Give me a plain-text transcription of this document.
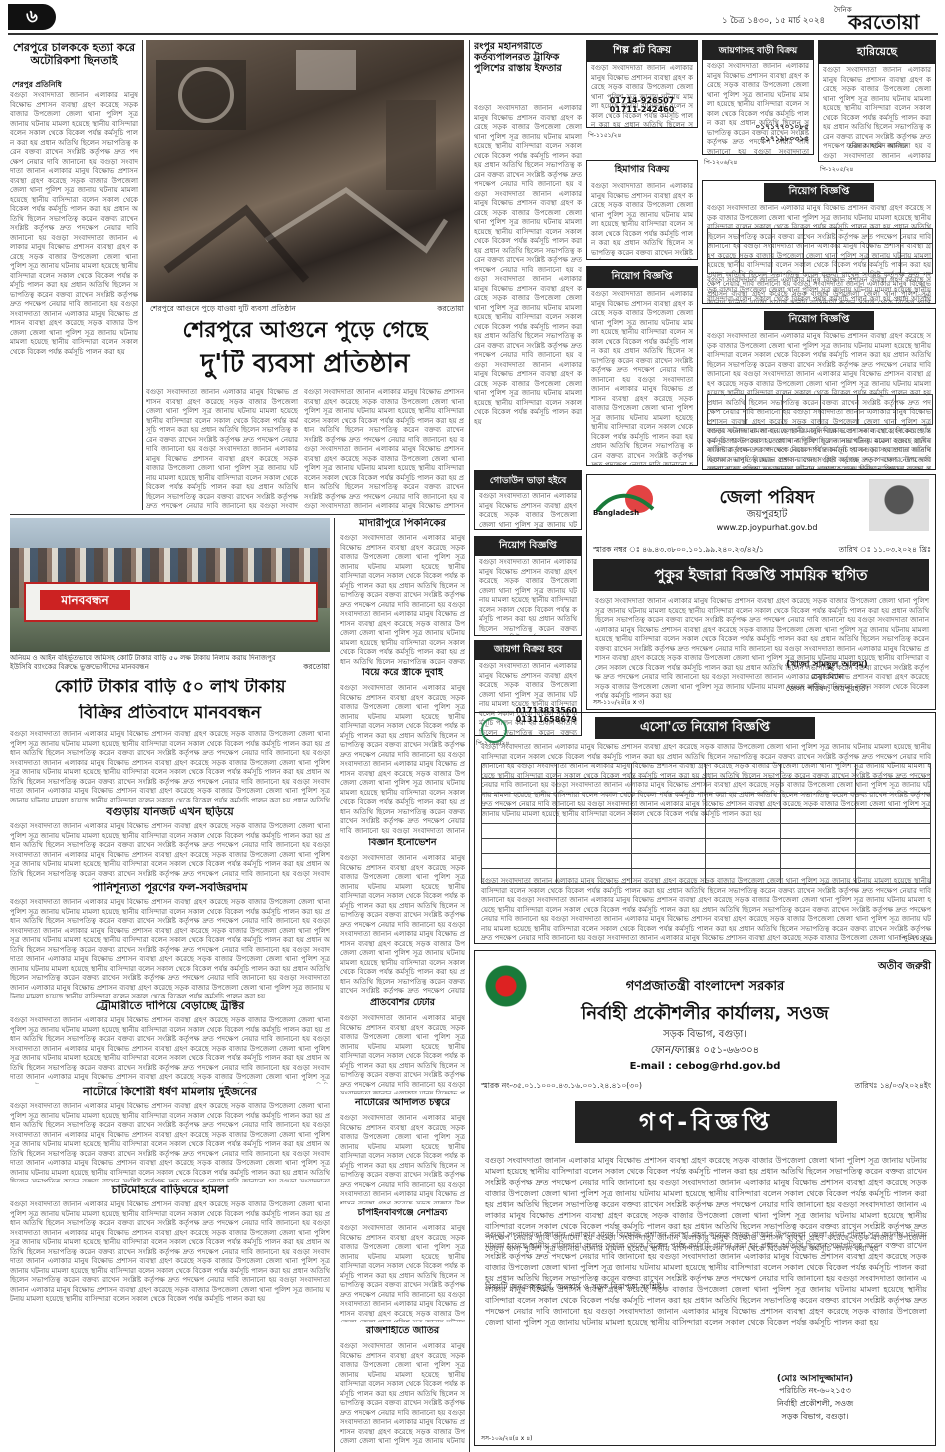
৬	১ চৈত্র ১৪৩০, ১৫ মার্চ ২০২৪
দৈনিক
করতোয়া
শেরপুরে চালককে হত্যা করে অটোরিকশা ছিনতাই
শেরপুর প্রতিনিধি
বগুড়া সংবাদদাতা জানান এলাকার মানুষ বিক্ষোভ প্রশাসন ব্যবস্থা গ্রহণ করেছে সড়ক বাজার উপজেলা জেলা থানা পুলিশ সূত্র জানায় ঘটনায় মামলা হয়েছে স্থানীয় বাসিন্দারা বলেন সকাল থেকে বিকেল পর্যন্ত কর্মসূচি পালন করা হয় প্রধান অতিথি ছিলেন সভাপতিত্ব করেন বক্তব্য রাখেন সংশ্লিষ্ট কর্তৃপক্ষ দ্রুত পদক্ষেপ নেয়ার দাবি জানানো হয় বগুড়া সংবাদদাতা জানান এলাকার মানুষ বিক্ষোভ প্রশাসন ব্যবস্থা গ্রহণ করেছে সড়ক বাজার উপজেলা জেলা থানা পুলিশ সূত্র জানায় ঘটনায় মামলা হয়েছে স্থানীয় বাসিন্দারা বলেন সকাল থেকে বিকেল পর্যন্ত কর্মসূচি পালন করা হয় প্রধান অতিথি ছিলেন সভাপতিত্ব করেন বক্তব্য রাখেন সংশ্লিষ্ট কর্তৃপক্ষ দ্রুত পদক্ষেপ নেয়ার দাবি জানানো হয় বগুড়া সংবাদদাতা জানান এলাকার মানুষ বিক্ষোভ প্রশাসন ব্যবস্থা গ্রহণ করেছে সড়ক বাজার উপজেলা জেলা থানা পুলিশ সূত্র জানায় ঘটনায় মামলা হয়েছে স্থানীয় বাসিন্দারা বলেন সকাল থেকে বিকেল পর্যন্ত কর্মসূচি পালন করা হয় প্রধান অতিথি ছিলেন সভাপতিত্ব করেন বক্তব্য রাখেন সংশ্লিষ্ট কর্তৃপক্ষ দ্রুত পদক্ষেপ নেয়ার দাবি জানানো হয় বগুড়া সংবাদদাতা জানান এলাকার মানুষ বিক্ষোভ প্রশাসন ব্যবস্থা গ্রহণ করেছে সড়ক বাজার উপজেলা জেলা থানা পুলিশ সূত্র জানায় ঘটনায় মামলা হয়েছে স্থানীয় বাসিন্দারা বলেন সকাল থেকে বিকেল পর্যন্ত কর্মসূচি পালন করা হয়
শেরপুরে আগুনে পুড়ে যাওয়া দুটি ব্যবসা প্রতিষ্ঠান	করতোয়া
শেরপুরে আগুনে পুড়ে গেছে
দু'টি ব্যবসা প্রতিষ্ঠান
বগুড়া সংবাদদাতা জানান এলাকার মানুষ বিক্ষোভ প্রশাসন ব্যবস্থা গ্রহণ করেছে সড়ক বাজার উপজেলা জেলা থানা পুলিশ সূত্র জানায় ঘটনায় মামলা হয়েছে স্থানীয় বাসিন্দারা বলেন সকাল থেকে বিকেল পর্যন্ত কর্মসূচি পালন করা হয় প্রধান অতিথি ছিলেন সভাপতিত্ব করেন বক্তব্য রাখেন সংশ্লিষ্ট কর্তৃপক্ষ দ্রুত পদক্ষেপ নেয়ার দাবি জানানো হয় বগুড়া সংবাদদাতা জানান এলাকার মানুষ বিক্ষোভ প্রশাসন ব্যবস্থা গ্রহণ করেছে সড়ক বাজার উপজেলা জেলা থানা পুলিশ সূত্র জানায় ঘটনায় মামলা হয়েছে স্থানীয় বাসিন্দারা বলেন সকাল থেকে বিকেল পর্যন্ত কর্মসূচি পালন করা হয় প্রধান অতিথি ছিলেন সভাপতিত্ব করেন বক্তব্য রাখেন সংশ্লিষ্ট কর্তৃপক্ষ দ্রুত পদক্ষেপ নেয়ার দাবি জানানো হয় বগুড়া সংবাদদাতা জানান এলাকার মানুষ বিক্ষোভ প্রশাসন ব্যবস্থা গ্রহণ করেছে সড়ক বাজার উপজেলা জেলা থানা পুলিশ সূত্র জানায় ঘটনায় মামলা হয়েছে স্থানীয় বাসিন্দারা বলেন সকাল থেকে বিকেল পর্যন্ত কর্মসূচি পালন করা হয় প্রধান অতিথি ছিলেন সভাপতিত্ব করেন বক্তব্য রাখেন সংশ্লিষ্ট কর্তৃপক্ষ দ্রুত পদক্ষেপ নেয়ার দাবি জানানো হয় বগুড়া সংবাদদাতা জানান এলাকার মানুষ বিক্ষোভ প্রশাসন ব্যবস্থা গ্রহণ করেছে সড়ক বাজার উপজেলা জেলা থানা পুলিশ সূত্র জানায় ঘটনায় মামলা হয়েছে স্থানীয় বাসিন্দারা বলেন সকাল থেকে বিকেল পর্যন্ত কর্মসূচি পালন করা হয়
বগুড়া সংবাদদাতা জানান এলাকার মানুষ বিক্ষোভ প্রশাসন ব্যবস্থা গ্রহণ করেছে সড়ক বাজার উপজেলা জেলা থানা পুলিশ সূত্র জানায় ঘটনায় মামলা হয়েছে স্থানীয় বাসিন্দারা বলেন সকাল থেকে বিকেল পর্যন্ত কর্মসূচি পালন করা হয় প্রধান অতিথি ছিলেন সভাপতিত্ব করেন বক্তব্য রাখেন সংশ্লিষ্ট কর্তৃপক্ষ দ্রুত পদক্ষেপ নেয়ার দাবি জানানো হয় বগুড়া সংবাদদাতা জানান এলাকার মানুষ বিক্ষোভ প্রশাসন ব্যবস্থা গ্রহণ করেছে সড়ক বাজার উপজেলা জেলা থানা পুলিশ সূত্র জানায় ঘটনায় মামলা হয়েছে স্থানীয় বাসিন্দারা বলেন সকাল থেকে বিকেল পর্যন্ত কর্মসূচি পালন করা হয় প্রধান অতিথি ছিলেন সভাপতিত্ব করেন বক্তব্য রাখেন সংশ্লিষ্ট কর্তৃপক্ষ দ্রুত পদক্ষেপ নেয়ার দাবি জানানো হয় বগুড়া সংবাদদাতা জানান এলাকার মানুষ বিক্ষোভ প্রশাসন ব্যবস্থা গ্রহণ করেছে সড়ক বাজার উপজেলা জেলা থানা পুলিশ সূত্র জানায় ঘটনায় মামলা হয়েছে স্থানীয় বাসিন্দারা বলেন সকাল থেকে বিকেল পর্যন্ত কর্মসূচি পালন করা হয় প্রধান অতিথি ছিলেন সভাপতিত্ব করেন বক্তব্য রাখেন সংশ্লিষ্ট কর্তৃপক্ষ দ্রুত পদক্ষেপ নেয়ার দাবি জানানো হয় বগুড়া সংবাদদাতা জানান এলাকার মানুষ বিক্ষোভ প্রশাসন ব্যবস্থা গ্রহণ করেছে সড়ক বাজার উপজেলা জেলা থানা পুলিশ সূত্র জানায় ঘটনায় মামলা হয়েছে স্থানীয় বাসিন্দারা বলেন সকাল থেকে বিকেল পর্যন্ত কর্মসূচি পালন করা হয়
রংপুর মহানগরীতে কর্তব্যপালনরত ট্রাফিক পুলিশের রাস্তায় ইফতার
বগুড়া সংবাদদাতা জানান এলাকার মানুষ বিক্ষোভ প্রশাসন ব্যবস্থা গ্রহণ করেছে সড়ক বাজার উপজেলা জেলা থানা পুলিশ সূত্র জানায় ঘটনায় মামলা হয়েছে স্থানীয় বাসিন্দারা বলেন সকাল থেকে বিকেল পর্যন্ত কর্মসূচি পালন করা হয় প্রধান অতিথি ছিলেন সভাপতিত্ব করেন বক্তব্য রাখেন সংশ্লিষ্ট কর্তৃপক্ষ দ্রুত পদক্ষেপ নেয়ার দাবি জানানো হয় বগুড়া সংবাদদাতা জানান এলাকার মানুষ বিক্ষোভ প্রশাসন ব্যবস্থা গ্রহণ করেছে সড়ক বাজার উপজেলা জেলা থানা পুলিশ সূত্র জানায় ঘটনায় মামলা হয়েছে স্থানীয় বাসিন্দারা বলেন সকাল থেকে বিকেল পর্যন্ত কর্মসূচি পালন করা হয় প্রধান অতিথি ছিলেন সভাপতিত্ব করেন বক্তব্য রাখেন সংশ্লিষ্ট কর্তৃপক্ষ দ্রুত পদক্ষেপ নেয়ার দাবি জানানো হয় বগুড়া সংবাদদাতা জানান এলাকার মানুষ বিক্ষোভ প্রশাসন ব্যবস্থা গ্রহণ করেছে সড়ক বাজার উপজেলা জেলা থানা পুলিশ সূত্র জানায় ঘটনায় মামলা হয়েছে স্থানীয় বাসিন্দারা বলেন সকাল থেকে বিকেল পর্যন্ত কর্মসূচি পালন করা হয় প্রধান অতিথি ছিলেন সভাপতিত্ব করেন বক্তব্য রাখেন সংশ্লিষ্ট কর্তৃপক্ষ দ্রুত পদক্ষেপ নেয়ার দাবি জানানো হয় বগুড়া সংবাদদাতা জানান এলাকার মানুষ বিক্ষোভ প্রশাসন ব্যবস্থা গ্রহণ করেছে সড়ক বাজার উপজেলা জেলা থানা পুলিশ সূত্র জানায় ঘটনায় মামলা হয়েছে স্থানীয় বাসিন্দারা বলেন সকাল থেকে বিকেল পর্যন্ত কর্মসূচি পালন করা হয়
মানববন্ধন
অনিয়ম ও আইন বহির্ভূতভাবে জমিসহ কোটি টাকার বাড়ি ৫০ লক্ষ টাকায় নিলাম করায় দিনাজপুর ইউসিবি ব্যাংকের বিরুদ্ধে ভুক্তভোগীদের মানববন্ধন	করতোয়া
কোটি টাকার বাড়ি ৫০ লাখ টাকায়
বিক্রির প্রতিবাদে মানববন্ধন
বগুড়া সংবাদদাতা জানান এলাকার মানুষ বিক্ষোভ প্রশাসন ব্যবস্থা গ্রহণ করেছে সড়ক বাজার উপজেলা জেলা থানা পুলিশ সূত্র জানায় ঘটনায় মামলা হয়েছে স্থানীয় বাসিন্দারা বলেন সকাল থেকে বিকেল পর্যন্ত কর্মসূচি পালন করা হয় প্রধান অতিথি ছিলেন সভাপতিত্ব করেন বক্তব্য রাখেন সংশ্লিষ্ট কর্তৃপক্ষ দ্রুত পদক্ষেপ নেয়ার দাবি জানানো হয় বগুড়া সংবাদদাতা জানান এলাকার মানুষ বিক্ষোভ প্রশাসন ব্যবস্থা গ্রহণ করেছে সড়ক বাজার উপজেলা জেলা থানা পুলিশ সূত্র জানায় ঘটনায় মামলা হয়েছে স্থানীয় বাসিন্দারা বলেন সকাল থেকে বিকেল পর্যন্ত কর্মসূচি পালন করা হয় প্রধান অতিথি ছিলেন সভাপতিত্ব করেন বক্তব্য রাখেন সংশ্লিষ্ট কর্তৃপক্ষ দ্রুত পদক্ষেপ নেয়ার দাবি জানানো হয় বগুড়া সংবাদদাতা জানান এলাকার মানুষ বিক্ষোভ প্রশাসন ব্যবস্থা গ্রহণ করেছে সড়ক বাজার উপজেলা জেলা থানা পুলিশ সূত্র জানায় ঘটনায় মামলা হয়েছে স্থানীয় বাসিন্দারা বলেন সকাল থেকে বিকেল পর্যন্ত কর্মসূচি পালন করা হয় প্রধান অতিথি ছিলেন সভাপতিত্ব করেন বক্তব্য রাখেন সংশ্লিষ্ট কর্তৃপক্ষ দ্রুত পদক্ষেপ নেয়ার দাবি জানানো হয় বগুড়া সংবাদদাতা জানান এলাকার মানুষ বিক্ষোভ প্রশাসন ব্যবস্থা গ্রহণ করেছে সড়ক বাজার উপজেলা জেলা থানা পুলিশ সূত্র জানায় ঘটনায় মামলা হয়েছে স্থানীয় বাসিন্দারা বলেন সকাল থেকে বিকেল পর্যন্ত কর্মসূচি পালন করা হয়
বগুড়ায় যানজট এখন ছড়িয়ে
বগুড়া সংবাদদাতা জানান এলাকার মানুষ বিক্ষোভ প্রশাসন ব্যবস্থা গ্রহণ করেছে সড়ক বাজার উপজেলা জেলা থানা পুলিশ সূত্র জানায় ঘটনায় মামলা হয়েছে স্থানীয় বাসিন্দারা বলেন সকাল থেকে বিকেল পর্যন্ত কর্মসূচি পালন করা হয় প্রধান অতিথি ছিলেন সভাপতিত্ব করেন বক্তব্য রাখেন সংশ্লিষ্ট কর্তৃপক্ষ দ্রুত পদক্ষেপ নেয়ার দাবি জানানো হয় বগুড়া সংবাদদাতা জানান এলাকার মানুষ বিক্ষোভ প্রশাসন ব্যবস্থা গ্রহণ করেছে সড়ক বাজার উপজেলা জেলা থানা পুলিশ সূত্র জানায় ঘটনায় মামলা হয়েছে স্থানীয় বাসিন্দারা বলেন সকাল থেকে বিকেল পর্যন্ত কর্মসূচি পালন করা হয় প্রধান অতিথি ছিলেন সভাপতিত্ব করেন বক্তব্য রাখেন সংশ্লিষ্ট কর্তৃপক্ষ দ্রুত পদক্ষেপ নেয়ার দাবি জানানো হয় বগুড়া সংবাদদাতা জানান এলাকার মানুষ বিক্ষোভ প্রশাসন ব্যবস্থা গ্রহণ করেছে সড়ক বাজার উপজেলা জেলা থানা পুলিশ সূত্র জানায় ঘটনায় মামলা হয়েছে স্থানীয় বাসিন্দারা বলেন সকাল থেকে বিকেল পর্যন্ত কর্মসূচি পালন করা হয় প্রধান অতিথি ছিলেন সভাপতিত্ব করেন বক্তব্য রাখেন সংশ্লিষ্ট কর্তৃপক্ষ দ্রুত পদক্ষেপ নেয়ার দাবি জানানো হয় বগুড়া সংবাদদাতা জানান এলাকার মানুষ বিক্ষোভ প্রশাসন ব্যবস্থা গ্রহণ করেছে সড়ক বাজার উপজেলা জেলা থানা পুলিশ সূত্র জানায় ঘটনায় মামলা হয়েছে স্থানীয় বাসিন্দারা বলেন সকাল থেকে বিকেল পর্যন্ত কর্মসূচি পালন করা হয়
পানিশূন্যতা পূরণের ফল-সবজিরদাম
বগুড়া সংবাদদাতা জানান এলাকার মানুষ বিক্ষোভ প্রশাসন ব্যবস্থা গ্রহণ করেছে সড়ক বাজার উপজেলা জেলা থানা পুলিশ সূত্র জানায় ঘটনায় মামলা হয়েছে স্থানীয় বাসিন্দারা বলেন সকাল থেকে বিকেল পর্যন্ত কর্মসূচি পালন করা হয় প্রধান অতিথি ছিলেন সভাপতিত্ব করেন বক্তব্য রাখেন সংশ্লিষ্ট কর্তৃপক্ষ দ্রুত পদক্ষেপ নেয়ার দাবি জানানো হয় বগুড়া সংবাদদাতা জানান এলাকার মানুষ বিক্ষোভ প্রশাসন ব্যবস্থা গ্রহণ করেছে সড়ক বাজার উপজেলা জেলা থানা পুলিশ সূত্র জানায় ঘটনায় মামলা হয়েছে স্থানীয় বাসিন্দারা বলেন সকাল থেকে বিকেল পর্যন্ত কর্মসূচি পালন করা হয় প্রধান অতিথি ছিলেন সভাপতিত্ব করেন বক্তব্য রাখেন সংশ্লিষ্ট কর্তৃপক্ষ দ্রুত পদক্ষেপ নেয়ার দাবি জানানো হয় বগুড়া সংবাদদাতা জানান এলাকার মানুষ বিক্ষোভ প্রশাসন ব্যবস্থা গ্রহণ করেছে সড়ক বাজার উপজেলা জেলা থানা পুলিশ সূত্র জানায় ঘটনায় মামলা হয়েছে স্থানীয় বাসিন্দারা বলেন সকাল থেকে বিকেল পর্যন্ত কর্মসূচি পালন করা হয় প্রধান অতিথি ছিলেন সভাপতিত্ব করেন বক্তব্য রাখেন সংশ্লিষ্ট কর্তৃপক্ষ দ্রুত পদক্ষেপ নেয়ার দাবি জানানো হয় বগুড়া সংবাদদাতা জানান এলাকার মানুষ বিক্ষোভ প্রশাসন ব্যবস্থা গ্রহণ করেছে সড়ক বাজার উপজেলা জেলা থানা পুলিশ সূত্র জানায় ঘটনায় মামলা হয়েছে স্থানীয় বাসিন্দারা বলেন সকাল থেকে বিকেল পর্যন্ত কর্মসূচি পালন করা হয়
ট্রৌমারীতে দাপিয়ে বেড়াচ্ছে ট্রাক্টর
বগুড়া সংবাদদাতা জানান এলাকার মানুষ বিক্ষোভ প্রশাসন ব্যবস্থা গ্রহণ করেছে সড়ক বাজার উপজেলা জেলা থানা পুলিশ সূত্র জানায় ঘটনায় মামলা হয়েছে স্থানীয় বাসিন্দারা বলেন সকাল থেকে বিকেল পর্যন্ত কর্মসূচি পালন করা হয় প্রধান অতিথি ছিলেন সভাপতিত্ব করেন বক্তব্য রাখেন সংশ্লিষ্ট কর্তৃপক্ষ দ্রুত পদক্ষেপ নেয়ার দাবি জানানো হয় বগুড়া সংবাদদাতা জানান এলাকার মানুষ বিক্ষোভ প্রশাসন ব্যবস্থা গ্রহণ করেছে সড়ক বাজার উপজেলা জেলা থানা পুলিশ সূত্র জানায় ঘটনায় মামলা হয়েছে স্থানীয় বাসিন্দারা বলেন সকাল থেকে বিকেল পর্যন্ত কর্মসূচি পালন করা হয় প্রধান অতিথি ছিলেন সভাপতিত্ব করেন বক্তব্য রাখেন সংশ্লিষ্ট কর্তৃপক্ষ দ্রুত পদক্ষেপ নেয়ার দাবি জানানো হয় বগুড়া সংবাদদাতা জানান এলাকার মানুষ বিক্ষোভ প্রশাসন ব্যবস্থা গ্রহণ করেছে সড়ক বাজার উপজেলা জেলা থানা পুলিশ সূত্র জানায় ঘটনায় মামলা হয়েছে স্থানীয় বাসিন্দারা বলেন সকাল থেকে বিকেল পর্যন্ত কর্মসূচি পালন করা হয় প্রধান অতিথি ছিলেন সভাপতিত্ব করেন বক্তব্য রাখেন সংশ্লিষ্ট কর্তৃপক্ষ দ্রুত পদক্ষেপ নেয়ার দাবি জানানো হয় বগুড়া সংবাদদাতা জানান এলাকার মানুষ বিক্ষোভ প্রশাসন ব্যবস্থা গ্রহণ করেছে সড়ক বাজার উপজেলা জেলা থানা পুলিশ সূত্র জানায় ঘটনায় মামলা হয়েছে স্থানীয় বাসিন্দারা বলেন সকাল থেকে বিকেল পর্যন্ত কর্মসূচি পালন করা হয়
নাটোরে কিশোরী ধর্ষণ মামলায় দুইজনের
বগুড়া সংবাদদাতা জানান এলাকার মানুষ বিক্ষোভ প্রশাসন ব্যবস্থা গ্রহণ করেছে সড়ক বাজার উপজেলা জেলা থানা পুলিশ সূত্র জানায় ঘটনায় মামলা হয়েছে স্থানীয় বাসিন্দারা বলেন সকাল থেকে বিকেল পর্যন্ত কর্মসূচি পালন করা হয় প্রধান অতিথি ছিলেন সভাপতিত্ব করেন বক্তব্য রাখেন সংশ্লিষ্ট কর্তৃপক্ষ দ্রুত পদক্ষেপ নেয়ার দাবি জানানো হয় বগুড়া সংবাদদাতা জানান এলাকার মানুষ বিক্ষোভ প্রশাসন ব্যবস্থা গ্রহণ করেছে সড়ক বাজার উপজেলা জেলা থানা পুলিশ সূত্র জানায় ঘটনায় মামলা হয়েছে স্থানীয় বাসিন্দারা বলেন সকাল থেকে বিকেল পর্যন্ত কর্মসূচি পালন করা হয় প্রধান অতিথি ছিলেন সভাপতিত্ব করেন বক্তব্য রাখেন সংশ্লিষ্ট কর্তৃপক্ষ দ্রুত পদক্ষেপ নেয়ার দাবি জানানো হয় বগুড়া সংবাদদাতা জানান এলাকার মানুষ বিক্ষোভ প্রশাসন ব্যবস্থা গ্রহণ করেছে সড়ক বাজার উপজেলা জেলা থানা পুলিশ সূত্র জানায় ঘটনায় মামলা হয়েছে স্থানীয় বাসিন্দারা বলেন সকাল থেকে বিকেল পর্যন্ত কর্মসূচি পালন করা হয় প্রধান অতিথি ছিলেন সভাপতিত্ব করেন বক্তব্য রাখেন সংশ্লিষ্ট কর্তৃপক্ষ দ্রুত পদক্ষেপ নেয়ার দাবি জানানো হয় বগুড়া সংবাদদাতা জানান এলাকার মানুষ বিক্ষোভ প্রশাসন ব্যবস্থা গ্রহণ করেছে সড়ক বাজার উপজেলা জেলা থানা পুলিশ সূত্র জানায় ঘটনায় মামলা হয়েছে স্থানীয় বাসিন্দারা বলেন সকাল থেকে বিকেল পর্যন্ত কর্মসূচি পালন করা হয়
চাটমোহরে বাড়িঘরে হামলা
বগুড়া সংবাদদাতা জানান এলাকার মানুষ বিক্ষোভ প্রশাসন ব্যবস্থা গ্রহণ করেছে সড়ক বাজার উপজেলা জেলা থানা পুলিশ সূত্র জানায় ঘটনায় মামলা হয়েছে স্থানীয় বাসিন্দারা বলেন সকাল থেকে বিকেল পর্যন্ত কর্মসূচি পালন করা হয় প্রধান অতিথি ছিলেন সভাপতিত্ব করেন বক্তব্য রাখেন সংশ্লিষ্ট কর্তৃপক্ষ দ্রুত পদক্ষেপ নেয়ার দাবি জানানো হয় বগুড়া সংবাদদাতা জানান এলাকার মানুষ বিক্ষোভ প্রশাসন ব্যবস্থা গ্রহণ করেছে সড়ক বাজার উপজেলা জেলা থানা পুলিশ সূত্র জানায় ঘটনায় মামলা হয়েছে স্থানীয় বাসিন্দারা বলেন সকাল থেকে বিকেল পর্যন্ত কর্মসূচি পালন করা হয় প্রধান অতিথি ছিলেন সভাপতিত্ব করেন বক্তব্য রাখেন সংশ্লিষ্ট কর্তৃপক্ষ দ্রুত পদক্ষেপ নেয়ার দাবি জানানো হয় বগুড়া সংবাদদাতা জানান এলাকার মানুষ বিক্ষোভ প্রশাসন ব্যবস্থা গ্রহণ করেছে সড়ক বাজার উপজেলা জেলা থানা পুলিশ সূত্র জানায় ঘটনায় মামলা হয়েছে স্থানীয় বাসিন্দারা বলেন সকাল থেকে বিকেল পর্যন্ত কর্মসূচি পালন করা হয় প্রধান অতিথি ছিলেন সভাপতিত্ব করেন বক্তব্য রাখেন সংশ্লিষ্ট কর্তৃপক্ষ দ্রুত পদক্ষেপ নেয়ার দাবি জানানো হয় বগুড়া সংবাদদাতা জানান এলাকার মানুষ বিক্ষোভ প্রশাসন ব্যবস্থা গ্রহণ করেছে সড়ক বাজার উপজেলা জেলা থানা পুলিশ সূত্র জানায় ঘটনায় মামলা হয়েছে স্থানীয় বাসিন্দারা বলেন সকাল থেকে বিকেল পর্যন্ত কর্মসূচি পালন করা হয়
মাদারীপুরে পিকনিকের
বগুড়া সংবাদদাতা জানান এলাকার মানুষ বিক্ষোভ প্রশাসন ব্যবস্থা গ্রহণ করেছে সড়ক বাজার উপজেলা জেলা থানা পুলিশ সূত্র জানায় ঘটনায় মামলা হয়েছে স্থানীয় বাসিন্দারা বলেন সকাল থেকে বিকেল পর্যন্ত কর্মসূচি পালন করা হয় প্রধান অতিথি ছিলেন সভাপতিত্ব করেন বক্তব্য রাখেন সংশ্লিষ্ট কর্তৃপক্ষ দ্রুত পদক্ষেপ নেয়ার দাবি জানানো হয় বগুড়া সংবাদদাতা জানান এলাকার মানুষ বিক্ষোভ প্রশাসন ব্যবস্থা গ্রহণ করেছে সড়ক বাজার উপজেলা জেলা থানা পুলিশ সূত্র জানায় ঘটনায় মামলা হয়েছে স্থানীয় বাসিন্দারা বলেন সকাল থেকে বিকেল পর্যন্ত কর্মসূচি পালন করা হয় প্রধান অতিথি ছিলেন সভাপতিত্ব করেন বক্তব্য রাখেন সংশ্লিষ্ট কর্তৃপক্ষ দ্রুত পদক্ষেপ নেয়ার দাবি জানানো হয় বগুড়া সংবাদদাতা জানান এলাকার মানুষ বিক্ষোভ প্রশাসন ব্যবস্থা গ্রহণ করেছে সড়ক বাজার উপজেলা জেলা থানা পুলিশ সূত্র জানায় ঘটনায় মামলা হয়েছে স্থানীয় বাসিন্দারা বলেন সকাল থেকে বিকেল পর্যন্ত কর্মসূচি পালন করা হয় প্রধান অতিথি ছিলেন সভাপতিত্ব করেন বক্তব্য রাখেন সংশ্লিষ্ট কর্তৃপক্ষ দ্রুত পদক্ষেপ নেয়ার দাবি জানানো হয় বগুড়া সংবাদদাতা জানান এলাকার মানুষ বিক্ষোভ প্রশাসন ব্যবস্থা গ্রহণ করেছে সড়ক বাজার উপজেলা জেলা থানা পুলিশ সূত্র জানায় ঘটনায় মামলা হয়েছে স্থানীয় বাসিন্দারা বলেন সকাল থেকে বিকেল পর্যন্ত কর্মসূচি পালন করা হয়
বিয়ে করে স্ত্রীকে দুবাই
বগুড়া সংবাদদাতা জানান এলাকার মানুষ বিক্ষোভ প্রশাসন ব্যবস্থা গ্রহণ করেছে সড়ক বাজার উপজেলা জেলা থানা পুলিশ সূত্র জানায় ঘটনায় মামলা হয়েছে স্থানীয় বাসিন্দারা বলেন সকাল থেকে বিকেল পর্যন্ত কর্মসূচি পালন করা হয় প্রধান অতিথি ছিলেন সভাপতিত্ব করেন বক্তব্য রাখেন সংশ্লিষ্ট কর্তৃপক্ষ দ্রুত পদক্ষেপ নেয়ার দাবি জানানো হয় বগুড়া সংবাদদাতা জানান এলাকার মানুষ বিক্ষোভ প্রশাসন ব্যবস্থা গ্রহণ করেছে সড়ক বাজার উপজেলা জেলা থানা পুলিশ সূত্র জানায় ঘটনায় মামলা হয়েছে স্থানীয় বাসিন্দারা বলেন সকাল থেকে বিকেল পর্যন্ত কর্মসূচি পালন করা হয় প্রধান অতিথি ছিলেন সভাপতিত্ব করেন বক্তব্য রাখেন সংশ্লিষ্ট কর্তৃপক্ষ দ্রুত পদক্ষেপ নেয়ার দাবি জানানো হয় বগুড়া সংবাদদাতা জানান এলাকার মানুষ বিক্ষোভ প্রশাসন ব্যবস্থা গ্রহণ করেছে সড়ক বাজার উপজেলা জেলা থানা পুলিশ সূত্র জানায় ঘটনায় মামলা হয়েছে স্থানীয় বাসিন্দারা বলেন সকাল থেকে বিকেল পর্যন্ত কর্মসূচি পালন করা হয় প্রধান অতিথি ছিলেন সভাপতিত্ব করেন বক্তব্য রাখেন সংশ্লিষ্ট কর্তৃপক্ষ দ্রুত পদক্ষেপ নেয়ার দাবি জানানো হয় বগুড়া সংবাদদাতা জানান এলাকার মানুষ বিক্ষোভ প্রশাসন ব্যবস্থা গ্রহণ করেছে সড়ক বাজার উপজেলা জেলা থানা পুলিশ সূত্র জানায় ঘটনায় মামলা হয়েছে স্থানীয় বাসিন্দারা বলেন সকাল থেকে বিকেল পর্যন্ত কর্মসূচি পালন করা হয়
বিজ্ঞান ইনোভেশন
বগুড়া সংবাদদাতা জানান এলাকার মানুষ বিক্ষোভ প্রশাসন ব্যবস্থা গ্রহণ করেছে সড়ক বাজার উপজেলা জেলা থানা পুলিশ সূত্র জানায় ঘটনায় মামলা হয়েছে স্থানীয় বাসিন্দারা বলেন সকাল থেকে বিকেল পর্যন্ত কর্মসূচি পালন করা হয় প্রধান অতিথি ছিলেন সভাপতিত্ব করেন বক্তব্য রাখেন সংশ্লিষ্ট কর্তৃপক্ষ দ্রুত পদক্ষেপ নেয়ার দাবি জানানো হয় বগুড়া সংবাদদাতা জানান এলাকার মানুষ বিক্ষোভ প্রশাসন ব্যবস্থা গ্রহণ করেছে সড়ক বাজার উপজেলা জেলা থানা পুলিশ সূত্র জানায় ঘটনায় মামলা হয়েছে স্থানীয় বাসিন্দারা বলেন সকাল থেকে বিকেল পর্যন্ত কর্মসূচি পালন করা হয় প্রধান অতিথি ছিলেন সভাপতিত্ব করেন বক্তব্য রাখেন সংশ্লিষ্ট কর্তৃপক্ষ দ্রুত পদক্ষেপ নেয়ার দাবি জানানো হয় বগুড়া সংবাদদাতা জানান এলাকার মানুষ বিক্ষোভ প্রশাসন ব্যবস্থা গ্রহণ করেছে সড়ক বাজার উপজেলা জেলা থানা পুলিশ সূত্র জানায় ঘটনায় মামলা হয়েছে স্থানীয় বাসিন্দারা বলেন সকাল থেকে বিকেল পর্যন্ত কর্মসূচি পালন করা হয় প্রধান অতিথি ছিলেন সভাপতিত্ব করেন বক্তব্য রাখেন সংশ্লিষ্ট কর্তৃপক্ষ দ্রুত পদক্ষেপ নেয়ার দাবি জানানো হয় বগুড়া সংবাদদাতা জানান এলাকার মানুষ বিক্ষোভ প্রশাসন ব্যবস্থা গ্রহণ করেছে সড়ক বাজার উপজেলা জেলা থানা পুলিশ সূত্র জানায় ঘটনায় মামলা হয়েছে স্থানীয় বাসিন্দারা বলেন সকাল থেকে বিকেল পর্যন্ত কর্মসূচি পালন করা হয়
প্রতিবেশির টেটার
বগুড়া সংবাদদাতা জানান এলাকার মানুষ বিক্ষোভ প্রশাসন ব্যবস্থা গ্রহণ করেছে সড়ক বাজার উপজেলা জেলা থানা পুলিশ সূত্র জানায় ঘটনায় মামলা হয়েছে স্থানীয় বাসিন্দারা বলেন সকাল থেকে বিকেল পর্যন্ত কর্মসূচি পালন করা হয় প্রধান অতিথি ছিলেন সভাপতিত্ব করেন বক্তব্য রাখেন সংশ্লিষ্ট কর্তৃপক্ষ দ্রুত পদক্ষেপ নেয়ার দাবি জানানো হয় বগুড়া সংবাদদাতা জানান এলাকার মানুষ বিক্ষোভ প্রশাসন ব্যবস্থা গ্রহণ করেছে সড়ক বাজার উপজেলা জেলা থানা পুলিশ সূত্র জানায় ঘটনায় মামলা হয়েছে স্থানীয় বাসিন্দারা বলেন সকাল থেকে বিকেল পর্যন্ত কর্মসূচি পালন করা হয় প্রধান অতিথি ছিলেন সভাপতিত্ব করেন বক্তব্য রাখেন সংশ্লিষ্ট কর্তৃপক্ষ দ্রুত পদক্ষেপ নেয়ার দাবি জানানো হয় বগুড়া সংবাদদাতা জানান এলাকার মানুষ বিক্ষোভ প্রশাসন ব্যবস্থা গ্রহণ করেছে সড়ক বাজার উপজেলা জেলা থানা পুলিশ সূত্র জানায় ঘটনায় মামলা হয়েছে স্থানীয় বাসিন্দারা বলেন সকাল থেকে বিকেল পর্যন্ত কর্মসূচি পালন করা হয় প্রধান অতিথি ছিলেন সভাপতিত্ব করেন বক্তব্য রাখেন সংশ্লিষ্ট কর্তৃপক্ষ দ্রুত পদক্ষেপ নেয়ার দাবি জানানো হয় বগুড়া সংবাদদাতা জানান এলাকার মানুষ বিক্ষোভ প্রশাসন ব্যবস্থা গ্রহণ করেছে সড়ক বাজার উপজেলা জেলা থানা পুলিশ সূত্র জানায় ঘটনায় মামলা হয়েছে স্থানীয় বাসিন্দারা বলেন সকাল থেকে বিকেল পর্যন্ত কর্মসূচি পালন করা হয়
নাটোরের আদালত চত্বরে
বগুড়া সংবাদদাতা জানান এলাকার মানুষ বিক্ষোভ প্রশাসন ব্যবস্থা গ্রহণ করেছে সড়ক বাজার উপজেলা জেলা থানা পুলিশ সূত্র জানায় ঘটনায় মামলা হয়েছে স্থানীয় বাসিন্দারা বলেন সকাল থেকে বিকেল পর্যন্ত কর্মসূচি পালন করা হয় প্রধান অতিথি ছিলেন সভাপতিত্ব করেন বক্তব্য রাখেন সংশ্লিষ্ট কর্তৃপক্ষ দ্রুত পদক্ষেপ নেয়ার দাবি জানানো হয় বগুড়া সংবাদদাতা জানান এলাকার মানুষ বিক্ষোভ প্রশাসন ব্যবস্থা গ্রহণ করেছে সড়ক বাজার উপজেলা জেলা থানা পুলিশ সূত্র জানায় ঘটনায় মামলা হয়েছে স্থানীয় বাসিন্দারা বলেন সকাল থেকে বিকেল পর্যন্ত কর্মসূচি পালন করা হয় প্রধান অতিথি ছিলেন সভাপতিত্ব করেন বক্তব্য রাখেন সংশ্লিষ্ট কর্তৃপক্ষ দ্রুত পদক্ষেপ নেয়ার দাবি জানানো হয় বগুড়া সংবাদদাতা জানান এলাকার মানুষ বিক্ষোভ প্রশাসন ব্যবস্থা গ্রহণ করেছে সড়ক বাজার উপজেলা জেলা থানা পুলিশ সূত্র জানায় ঘটনায় মামলা হয়েছে স্থানীয় বাসিন্দারা বলেন সকাল থেকে বিকেল পর্যন্ত কর্মসূচি পালন করা হয় প্রধান অতিথি ছিলেন সভাপতিত্ব করেন বক্তব্য রাখেন সংশ্লিষ্ট কর্তৃপক্ষ দ্রুত পদক্ষেপ নেয়ার দাবি জানানো হয় বগুড়া সংবাদদাতা জানান এলাকার মানুষ বিক্ষোভ প্রশাসন ব্যবস্থা গ্রহণ করেছে সড়ক বাজার উপজেলা জেলা থানা পুলিশ সূত্র জানায় ঘটনায় মামলা হয়েছে স্থানীয় বাসিন্দারা বলেন সকাল থেকে বিকেল পর্যন্ত কর্মসূচি পালন করা হয়
চাঁপাইনবাবগঞ্জে নেশাদ্রব্য
বগুড়া সংবাদদাতা জানান এলাকার মানুষ বিক্ষোভ প্রশাসন ব্যবস্থা গ্রহণ করেছে সড়ক বাজার উপজেলা জেলা থানা পুলিশ সূত্র জানায় ঘটনায় মামলা হয়েছে স্থানীয় বাসিন্দারা বলেন সকাল থেকে বিকেল পর্যন্ত কর্মসূচি পালন করা হয় প্রধান অতিথি ছিলেন সভাপতিত্ব করেন বক্তব্য রাখেন সংশ্লিষ্ট কর্তৃপক্ষ দ্রুত পদক্ষেপ নেয়ার দাবি জানানো হয় বগুড়া সংবাদদাতা জানান এলাকার মানুষ বিক্ষোভ প্রশাসন ব্যবস্থা গ্রহণ করেছে সড়ক বাজার উপজেলা জেলা থানা পুলিশ সূত্র জানায় ঘটনায় মামলা হয়েছে স্থানীয় বাসিন্দারা বলেন সকাল থেকে বিকেল পর্যন্ত কর্মসূচি পালন করা হয় প্রধান অতিথি ছিলেন সভাপতিত্ব করেন বক্তব্য রাখেন সংশ্লিষ্ট কর্তৃপক্ষ দ্রুত পদক্ষেপ নেয়ার দাবি জানানো হয় বগুড়া সংবাদদাতা জানান এলাকার মানুষ বিক্ষোভ প্রশাসন ব্যবস্থা গ্রহণ করেছে সড়ক বাজার উপজেলা জেলা থানা পুলিশ সূত্র জানায় ঘটনায় মামলা হয়েছে স্থানীয় বাসিন্দারা বলেন সকাল থেকে বিকেল পর্যন্ত কর্মসূচি পালন করা হয় প্রধান অতিথি ছিলেন সভাপতিত্ব করেন বক্তব্য রাখেন সংশ্লিষ্ট কর্তৃপক্ষ দ্রুত পদক্ষেপ নেয়ার দাবি জানানো হয় বগুড়া সংবাদদাতা জানান এলাকার মানুষ বিক্ষোভ প্রশাসন ব্যবস্থা গ্রহণ করেছে সড়ক বাজার উপজেলা জেলা থানা পুলিশ সূত্র জানায় ঘটনায় মামলা হয়েছে স্থানীয় বাসিন্দারা বলেন সকাল থেকে বিকেল পর্যন্ত কর্মসূচি পালন করা হয়
রাজশাহীতে জাতির
বগুড়া সংবাদদাতা জানান এলাকার মানুষ বিক্ষোভ প্রশাসন ব্যবস্থা গ্রহণ করেছে সড়ক বাজার উপজেলা জেলা থানা পুলিশ সূত্র জানায় ঘটনায় মামলা হয়েছে স্থানীয় বাসিন্দারা বলেন সকাল থেকে বিকেল পর্যন্ত কর্মসূচি পালন করা হয় প্রধান অতিথি ছিলেন সভাপতিত্ব করেন বক্তব্য রাখেন সংশ্লিষ্ট কর্তৃপক্ষ দ্রুত পদক্ষেপ নেয়ার দাবি জানানো হয় বগুড়া সংবাদদাতা জানান এলাকার মানুষ বিক্ষোভ প্রশাসন ব্যবস্থা গ্রহণ করেছে সড়ক বাজার উপজেলা জেলা থানা পুলিশ সূত্র জানায় ঘটনায় মামলা হয়েছে স্থানীয় বাসিন্দারা বলেন সকাল থেকে বিকেল পর্যন্ত কর্মসূচি পালন করা হয় প্রধান অতিথি ছিলেন সভাপতিত্ব করেন বক্তব্য রাখেন সংশ্লিষ্ট কর্তৃপক্ষ দ্রুত পদক্ষেপ নেয়ার দাবি জানানো হয় বগুড়া সংবাদদাতা জানান এলাকার মানুষ বিক্ষোভ প্রশাসন ব্যবস্থা গ্রহণ করেছে সড়ক বাজার উপজেলা জেলা থানা পুলিশ সূত্র জানায় ঘটনায় মামলা হয়েছে স্থানীয় বাসিন্দারা বলেন সকাল থেকে বিকেল পর্যন্ত কর্মসূচি পালন করা হয় প্রধান অতিথি ছিলেন সভাপতিত্ব করেন বক্তব্য রাখেন সংশ্লিষ্ট কর্তৃপক্ষ দ্রুত পদক্ষেপ নেয়ার দাবি জানানো হয় বগুড়া সংবাদদাতা জানান এলাকার মানুষ বিক্ষোভ প্রশাসন ব্যবস্থা গ্রহণ করেছে সড়ক বাজার উপজেলা জেলা থানা পুলিশ সূত্র জানায় ঘটনায় মামলা হয়েছে স্থানীয় বাসিন্দারা বলেন সকাল থেকে বিকেল পর্যন্ত কর্মসূচি পালন করা হয়
শিল্প প্লট বিক্রয়
বগুড়া সংবাদদাতা জানান এলাকার মানুষ বিক্ষোভ প্রশাসন ব্যবস্থা গ্রহণ করেছে সড়ক বাজার উপজেলা জেলা থানা পুলিশ সূত্র জানায় ঘটনায় মামলা হয়েছে স্থানীয় বাসিন্দারা বলেন সকাল থেকে বিকেল পর্যন্ত কর্মসূচি পালন করা হয় প্রধান অতিথি ছিলেন সভাপতিত্ব করেন বক্তব্য রাখেন সংশ্লিষ্ট কর্তৃপক্ষ দ্রুত পদক্ষেপ নেয়ার দাবি জানানো হয় বগুড়া সংবাদদাতা জানান এলাকার মানুষ বিক্ষোভ প্রশাসন ব্যবস্থা গ্রহণ করেছে সড়ক বাজার উপজেলা জেলা থানা পুলিশ সূত্র জানায় ঘটনায় মামলা হয়েছে স্থানীয় বাসিন্দারা বলেন সকাল থেকে বিকেল পর্যন্ত কর্মসূচি পালন করা হয় প্রধান অতিথি ছিলেন সভাপতিত্ব করেন বক্তব্য রাখেন সংশ্লিষ্ট কর্তৃপক্ষ দ্রুত পদক্ষেপ নেয়ার দাবি জানানো হয় বগুড়া সংবাদদাতা জানান এলাকার মানুষ বিক্ষোভ প্রশাসন ব্যবস্থা গ্রহণ করেছে সড়ক বাজার উপজেলা জেলা থানা পুলিশ সূত্র জানায় ঘটনায় মামলা হয়েছে স্থানীয় বাসিন্দারা বলেন সকাল থেকে বিকেল পর্যন্ত কর্মসূচি পালন করা হয় প্রধান অতিথি ছিলেন সভাপতিত্ব করেন বক্তব্য রাখেন সংশ্লিষ্ট কর্তৃপক্ষ দ্রুত পদক্ষেপ নেয়ার দাবি জানানো হয় বগুড়া সংবাদদাতা জানান এলাকার মানুষ বিক্ষোভ প্রশাসন ব্যবস্থা গ্রহণ করেছে সড়ক বাজার উপজেলা জেলা থানা পুলিশ সূত্র জানায় ঘটনায় মামলা হয়েছে স্থানীয় বাসিন্দারা বলেন সকাল থেকে বিকেল পর্যন্ত কর্মসূচি পালন করা হয়
01714-926507
01711-242460
পি-১১৫১/২৪
জায়গাসহ বাড়ী বিক্রয়
বগুড়া সংবাদদাতা জানান এলাকার মানুষ বিক্ষোভ প্রশাসন ব্যবস্থা গ্রহণ করেছে সড়ক বাজার উপজেলা জেলা থানা পুলিশ সূত্র জানায় ঘটনায় মামলা হয়েছে স্থানীয় বাসিন্দারা বলেন সকাল থেকে বিকেল পর্যন্ত কর্মসূচি পালন করা হয় প্রধান অতিথি ছিলেন সভাপতিত্ব করেন বক্তব্য রাখেন সংশ্লিষ্ট কর্তৃপক্ষ দ্রুত পদক্ষেপ নেয়ার দাবি জানানো হয় বগুড়া সংবাদদাতা জানান এলাকার মানুষ বিক্ষোভ প্রশাসন ব্যবস্থা গ্রহণ করেছে সড়ক বাজার উপজেলা জেলা থানা পুলিশ সূত্র জানায় ঘটনায় মামলা হয়েছে স্থানীয় বাসিন্দারা বলেন সকাল থেকে বিকেল পর্যন্ত কর্মসূচি পালন করা হয় প্রধান অতিথি ছিলেন সভাপতিত্ব করেন বক্তব্য রাখেন সংশ্লিষ্ট কর্তৃপক্ষ দ্রুত পদক্ষেপ নেয়ার দাবি জানানো হয় বগুড়া সংবাদদাতা জানান এলাকার মানুষ বিক্ষোভ প্রশাসন ব্যবস্থা গ্রহণ করেছে সড়ক বাজার উপজেলা জেলা থানা পুলিশ সূত্র জানায় ঘটনায় মামলা হয়েছে স্থানীয় বাসিন্দারা বলেন সকাল থেকে বিকেল পর্যন্ত কর্মসূচি পালন করা হয় প্রধান অতিথি ছিলেন সভাপতিত্ব করেন বক্তব্য রাখেন সংশ্লিষ্ট কর্তৃপক্ষ দ্রুত পদক্ষেপ নেয়ার দাবি জানানো হয় বগুড়া সংবাদদাতা জানান এলাকার মানুষ বিক্ষোভ প্রশাসন ব্যবস্থা গ্রহণ করেছে সড়ক বাজার উপজেলা জেলা থানা পুলিশ সূত্র জানায় ঘটনায় মামলা হয়েছে স্থানীয় বাসিন্দারা বলেন সকাল থেকে বিকেল পর্যন্ত কর্মসূচি পালন করা হয়
০১৭১৭৭০১০৮৫
০১৭১৯৮০৩১৫
পি-১২০৬/২৪
হারিয়েছে
বগুড়া সংবাদদাতা জানান এলাকার মানুষ বিক্ষোভ প্রশাসন ব্যবস্থা গ্রহণ করেছে সড়ক বাজার উপজেলা জেলা থানা পুলিশ সূত্র জানায় ঘটনায় মামলা হয়েছে স্থানীয় বাসিন্দারা বলেন সকাল থেকে বিকেল পর্যন্ত কর্মসূচি পালন করা হয় প্রধান অতিথি ছিলেন সভাপতিত্ব করেন বক্তব্য রাখেন সংশ্লিষ্ট কর্তৃপক্ষ দ্রুত পদক্ষেপ নেয়ার দাবি জানানো হয় বগুড়া সংবাদদাতা জানান এলাকার মানুষ বিক্ষোভ প্রশাসন ব্যবস্থা গ্রহণ করেছে সড়ক বাজার উপজেলা জেলা থানা পুলিশ সূত্র জানায় ঘটনায় মামলা হয়েছে স্থানীয় বাসিন্দারা বলেন সকাল থেকে বিকেল পর্যন্ত কর্মসূচি পালন করা হয় প্রধান অতিথি ছিলেন সভাপতিত্ব করেন বক্তব্য রাখেন সংশ্লিষ্ট কর্তৃপক্ষ দ্রুত পদক্ষেপ নেয়ার দাবি জানানো হয় বগুড়া সংবাদদাতা জানান এলাকার মানুষ বিক্ষোভ প্রশাসন ব্যবস্থা গ্রহণ করেছে সড়ক বাজার উপজেলা জেলা থানা পুলিশ সূত্র জানায় ঘটনায় মামলা হয়েছে স্থানীয় বাসিন্দারা বলেন সকাল থেকে বিকেল পর্যন্ত কর্মসূচি পালন করা হয় প্রধান অতিথি ছিলেন সভাপতিত্ব করেন বক্তব্য রাখেন সংশ্লিষ্ট কর্তৃপক্ষ দ্রুত পদক্ষেপ নেয়ার দাবি জানানো হয় বগুড়া সংবাদদাতা জানান এলাকার মানুষ বিক্ষোভ প্রশাসন ব্যবস্থা গ্রহণ করেছে সড়ক বাজার উপজেলা জেলা থানা পুলিশ সূত্র জানায় ঘটনায় মামলা হয়েছে স্থানীয় বাসিন্দারা বলেন সকাল থেকে বিকেল পর্যন্ত কর্মসূচি পালন করা হয়
ফরিদ আহমেদ আসিফ
পি-১২০৫/২৪
হিমাগার বিক্রয়
বগুড়া সংবাদদাতা জানান এলাকার মানুষ বিক্ষোভ প্রশাসন ব্যবস্থা গ্রহণ করেছে সড়ক বাজার উপজেলা জেলা থানা পুলিশ সূত্র জানায় ঘটনায় মামলা হয়েছে স্থানীয় বাসিন্দারা বলেন সকাল থেকে বিকেল পর্যন্ত কর্মসূচি পালন করা হয় প্রধান অতিথি ছিলেন সভাপতিত্ব করেন বক্তব্য রাখেন সংশ্লিষ্ট কর্তৃপক্ষ দ্রুত পদক্ষেপ নেয়ার দাবি জানানো হয় বগুড়া সংবাদদাতা জানান এলাকার মানুষ বিক্ষোভ প্রশাসন ব্যবস্থা গ্রহণ করেছে সড়ক বাজার উপজেলা জেলা থানা পুলিশ সূত্র জানায় ঘটনায় মামলা হয়েছে স্থানীয় বাসিন্দারা বলেন সকাল থেকে বিকেল পর্যন্ত কর্মসূচি পালন করা হয় প্রধান অতিথি ছিলেন সভাপতিত্ব করেন বক্তব্য রাখেন সংশ্লিষ্ট কর্তৃপক্ষ দ্রুত পদক্ষেপ নেয়ার দাবি জানানো হয় বগুড়া সংবাদদাতা জানান এলাকার মানুষ বিক্ষোভ প্রশাসন ব্যবস্থা গ্রহণ করেছে সড়ক বাজার উপজেলা জেলা থানা পুলিশ সূত্র জানায় ঘটনায় মামলা হয়েছে স্থানীয় বাসিন্দারা বলেন সকাল থেকে বিকেল পর্যন্ত কর্মসূচি পালন করা হয় প্রধান অতিথি ছিলেন সভাপতিত্ব করেন বক্তব্য রাখেন সংশ্লিষ্ট কর্তৃপক্ষ দ্রুত পদক্ষেপ নেয়ার দাবি জানানো হয় বগুড়া সংবাদদাতা জানান এলাকার মানুষ বিক্ষোভ প্রশাসন ব্যবস্থা গ্রহণ করেছে সড়ক বাজার উপজেলা জেলা থানা পুলিশ সূত্র জানায় ঘটনায় মামলা হয়েছে স্থানীয় বাসিন্দারা বলেন সকাল থেকে বিকেল পর্যন্ত কর্মসূচি পালন করা হয়
নিয়োগ বিজ্ঞপ্তি
বগুড়া সংবাদদাতা জানান এলাকার মানুষ বিক্ষোভ প্রশাসন ব্যবস্থা গ্রহণ করেছে সড়ক বাজার উপজেলা জেলা থানা পুলিশ সূত্র জানায় ঘটনায় মামলা হয়েছে স্থানীয় বাসিন্দারা বলেন সকাল থেকে বিকেল পর্যন্ত কর্মসূচি পালন করা হয় প্রধান অতিথি ছিলেন সভাপতিত্ব করেন বক্তব্য রাখেন সংশ্লিষ্ট কর্তৃপক্ষ দ্রুত পদক্ষেপ নেয়ার দাবি জানানো হয় বগুড়া সংবাদদাতা জানান এলাকার মানুষ বিক্ষোভ প্রশাসন ব্যবস্থা গ্রহণ করেছে সড়ক বাজার উপজেলা জেলা থানা পুলিশ সূত্র জানায় ঘটনায় মামলা হয়েছে স্থানীয় বাসিন্দারা বলেন সকাল থেকে বিকেল পর্যন্ত কর্মসূচি পালন করা হয় প্রধান অতিথি ছিলেন সভাপতিত্ব করেন বক্তব্য রাখেন সংশ্লিষ্ট কর্তৃপক্ষ দ্রুত পদক্ষেপ নেয়ার দাবি জানানো হয় বগুড়া সংবাদদাতা জানান এলাকার মানুষ বিক্ষোভ প্রশাসন ব্যবস্থা গ্রহণ করেছে সড়ক বাজার উপজেলা জেলা থানা পুলিশ সূত্র জানায় ঘটনায় মামলা হয়েছে স্থানীয় বাসিন্দারা বলেন সকাল থেকে বিকেল পর্যন্ত কর্মসূচি পালন করা হয় প্রধান অতিথি ছিলেন সভাপতিত্ব করেন বক্তব্য রাখেন সংশ্লিষ্ট কর্তৃপক্ষ দ্রুত পদক্ষেপ নেয়ার দাবি জানানো হয় বগুড়া সংবাদদাতা জানান এলাকার মানুষ বিক্ষোভ প্রশাসন ব্যবস্থা গ্রহণ করেছে সড়ক বাজার উপজেলা জেলা থানা পুলিশ সূত্র জানায় ঘটনায় মামলা হয়েছে স্থানীয় বাসিন্দারা বলেন সকাল থেকে বিকেল পর্যন্ত কর্মসূচি পালন করা হয়
গোডাউন ভাড়া হইবে
বগুড়া সংবাদদাতা জানান এলাকার মানুষ বিক্ষোভ প্রশাসন ব্যবস্থা গ্রহণ করেছে সড়ক বাজার উপজেলা জেলা থানা পুলিশ সূত্র জানায় ঘটনায় মামলা হয়েছে স্থানীয় বাসিন্দারা বলেন সকাল থেকে বিকেল পর্যন্ত কর্মসূচি পালন করা হয় প্রধান অতিথি ছিলেন সভাপতিত্ব করেন বক্তব্য রাখেন সংশ্লিষ্ট কর্তৃপক্ষ দ্রুত পদক্ষেপ নেয়ার দাবি জানানো হয় বগুড়া সংবাদদাতা জানান এলাকার মানুষ বিক্ষোভ প্রশাসন ব্যবস্থা গ্রহণ করেছে সড়ক বাজার উপজেলা জেলা থানা পুলিশ সূত্র জানায় ঘটনায় মামলা হয়েছে স্থানীয় বাসিন্দারা বলেন সকাল থেকে বিকেল পর্যন্ত কর্মসূচি পালন করা হয় প্রধান অতিথি ছিলেন সভাপতিত্ব করেন বক্তব্য রাখেন সংশ্লিষ্ট কর্তৃপক্ষ দ্রুত পদক্ষেপ নেয়ার দাবি জানানো হয় বগুড়া সংবাদদাতা জানান এলাকার মানুষ বিক্ষোভ প্রশাসন ব্যবস্থা গ্রহণ করেছে সড়ক বাজার উপজেলা জেলা থানা পুলিশ সূত্র জানায় ঘটনায় মামলা হয়েছে স্থানীয় বাসিন্দারা বলেন সকাল থেকে বিকেল পর্যন্ত কর্মসূচি পালন করা হয় প্রধান অতিথি ছিলেন সভাপতিত্ব করেন বক্তব্য রাখেন সংশ্লিষ্ট কর্তৃপক্ষ দ্রুত পদক্ষেপ নেয়ার দাবি জানানো হয় বগুড়া সংবাদদাতা জানান এলাকার মানুষ বিক্ষোভ প্রশাসন ব্যবস্থা গ্রহণ করেছে সড়ক বাজার উপজেলা জেলা থানা পুলিশ সূত্র জানায় ঘটনায় মামলা হয়েছে স্থানীয় বাসিন্দারা বলেন সকাল থেকে বিকেল পর্যন্ত কর্মসূচি পালন করা হয়
নিয়োগ বিজ্ঞপ্তি
বগুড়া সংবাদদাতা জানান এলাকার মানুষ বিক্ষোভ প্রশাসন ব্যবস্থা গ্রহণ করেছে সড়ক বাজার উপজেলা জেলা থানা পুলিশ সূত্র জানায় ঘটনায় মামলা হয়েছে স্থানীয় বাসিন্দারা বলেন সকাল থেকে বিকেল পর্যন্ত কর্মসূচি পালন করা হয় প্রধান অতিথি ছিলেন সভাপতিত্ব করেন বক্তব্য রাখেন সংশ্লিষ্ট কর্তৃপক্ষ দ্রুত পদক্ষেপ নেয়ার দাবি জানানো হয় বগুড়া সংবাদদাতা জানান এলাকার মানুষ বিক্ষোভ প্রশাসন ব্যবস্থা গ্রহণ করেছে সড়ক বাজার উপজেলা জেলা থানা পুলিশ সূত্র জানায় ঘটনায় মামলা হয়েছে স্থানীয় বাসিন্দারা বলেন সকাল থেকে বিকেল পর্যন্ত কর্মসূচি পালন করা হয় প্রধান অতিথি ছিলেন সভাপতিত্ব করেন বক্তব্য রাখেন সংশ্লিষ্ট কর্তৃপক্ষ দ্রুত পদক্ষেপ নেয়ার দাবি জানানো হয় বগুড়া সংবাদদাতা জানান এলাকার মানুষ বিক্ষোভ প্রশাসন ব্যবস্থা গ্রহণ করেছে সড়ক বাজার উপজেলা জেলা থানা পুলিশ সূত্র জানায় ঘটনায় মামলা হয়েছে স্থানীয় বাসিন্দারা বলেন সকাল থেকে বিকেল পর্যন্ত কর্মসূচি পালন করা হয় প্রধান অতিথি ছিলেন সভাপতিত্ব করেন বক্তব্য রাখেন সংশ্লিষ্ট কর্তৃপক্ষ দ্রুত পদক্ষেপ নেয়ার দাবি জানানো হয় বগুড়া সংবাদদাতা জানান এলাকার মানুষ বিক্ষোভ প্রশাসন ব্যবস্থা গ্রহণ করেছে সড়ক বাজার উপজেলা জেলা থানা পুলিশ সূত্র জানায় ঘটনায় মামলা হয়েছে স্থানীয় বাসিন্দারা বলেন সকাল থেকে বিকেল পর্যন্ত কর্মসূচি পালন করা হয়
জায়গা বিক্রয় হবে
বগুড়া সংবাদদাতা জানান এলাকার মানুষ বিক্ষোভ প্রশাসন ব্যবস্থা গ্রহণ করেছে সড়ক বাজার উপজেলা জেলা থানা পুলিশ সূত্র জানায় ঘটনায় মামলা হয়েছে স্থানীয় বাসিন্দারা বলেন সকাল থেকে বিকেল পর্যন্ত কর্মসূচি পালন করা হয় প্রধান অতিথি ছিলেন সভাপতিত্ব করেন বক্তব্য রাখেন সংশ্লিষ্ট কর্তৃপক্ষ দ্রুত পদক্ষেপ নেয়ার দাবি জানানো হয় বগুড়া সংবাদদাতা জানান এলাকার মানুষ বিক্ষোভ প্রশাসন ব্যবস্থা গ্রহণ করেছে সড়ক বাজার উপজেলা জেলা থানা পুলিশ সূত্র জানায় ঘটনায় মামলা হয়েছে স্থানীয় বাসিন্দারা বলেন সকাল থেকে বিকেল পর্যন্ত কর্মসূচি পালন করা হয় প্রধান অতিথি ছিলেন সভাপতিত্ব করেন বক্তব্য রাখেন সংশ্লিষ্ট কর্তৃপক্ষ দ্রুত পদক্ষেপ নেয়ার দাবি জানানো হয় বগুড়া সংবাদদাতা জানান এলাকার মানুষ বিক্ষোভ প্রশাসন ব্যবস্থা গ্রহণ করেছে সড়ক বাজার উপজেলা জেলা থানা পুলিশ সূত্র জানায় ঘটনায় মামলা হয়েছে স্থানীয় বাসিন্দারা বলেন সকাল থেকে বিকেল পর্যন্ত কর্মসূচি পালন করা হয় প্রধান অতিথি ছিলেন সভাপতিত্ব করেন বক্তব্য রাখেন সংশ্লিষ্ট কর্তৃপক্ষ দ্রুত পদক্ষেপ নেয়ার দাবি জানানো হয় বগুড়া সংবাদদাতা জানান এলাকার মানুষ বিক্ষোভ প্রশাসন ব্যবস্থা গ্রহণ করেছে সড়ক বাজার উপজেলা জেলা থানা পুলিশ সূত্র জানায় ঘটনায় মামলা হয়েছে স্থানীয় বাসিন্দারা বলেন সকাল থেকে বিকেল পর্যন্ত কর্মসূচি পালন করা হয়
01713833560
01311658679
পি-১১৯৬/২৪
নিয়োগ বিজ্ঞপ্তি
বগুড়া সংবাদদাতা জানান এলাকার মানুষ বিক্ষোভ প্রশাসন ব্যবস্থা গ্রহণ করেছে সড়ক বাজার উপজেলা জেলা থানা পুলিশ সূত্র জানায় ঘটনায় মামলা হয়েছে স্থানীয় বাসিন্দারা বলেন সকাল থেকে বিকেল পর্যন্ত কর্মসূচি পালন করা হয় প্রধান অতিথি ছিলেন সভাপতিত্ব করেন বক্তব্য রাখেন সংশ্লিষ্ট কর্তৃপক্ষ দ্রুত পদক্ষেপ নেয়ার দাবি জানানো হয় বগুড়া সংবাদদাতা জানান এলাকার মানুষ বিক্ষোভ প্রশাসন ব্যবস্থা গ্রহণ করেছে সড়ক বাজার উপজেলা জেলা থানা পুলিশ সূত্র জানায় ঘটনায় মামলা হয়েছে স্থানীয় বাসিন্দারা বলেন সকাল থেকে বিকেল পর্যন্ত কর্মসূচি পালন করা হয় প্রধান অতিথি ছিলেন সভাপতিত্ব করেন বক্তব্য রাখেন সংশ্লিষ্ট কর্তৃপক্ষ দ্রুত পদক্ষেপ নেয়ার দাবি জানানো হয় বগুড়া সংবাদদাতা জানান এলাকার মানুষ বিক্ষোভ প্রশাসন ব্যবস্থা গ্রহণ করেছে সড়ক বাজার উপজেলা জেলা থানা পুলিশ সূত্র জানায় ঘটনায় মামলা হয়েছে স্থানীয় বাসিন্দারা বলেন সকাল থেকে বিকেল পর্যন্ত কর্মসূচি পালন করা হয় প্রধান অতিথি ছিলেন সভাপতিত্ব করেন বক্তব্য রাখেন সংশ্লিষ্ট কর্তৃপক্ষ দ্রুত পদক্ষেপ নেয়ার দাবি জানানো হয় বগুড়া সংবাদদাতা জানান এলাকার মানুষ বিক্ষোভ প্রশাসন ব্যবস্থা গ্রহণ করেছে সড়ক বাজার উপজেলা জেলা থানা পুলিশ সূত্র জানায় ঘটনায় মামলা হয়েছে স্থানীয় বাসিন্দারা বলেন সকাল থেকে বিকেল পর্যন্ত কর্মসূচি পালন করা হয়

বগুড়া সংবাদদাতা জানান এলাকার মানুষ বিক্ষোভ প্রশাসন ব্যবস্থা গ্রহণ করেছে সড়ক বাজার উপজেলা জেলা থানা পুলিশ সূত্র জানায় ঘটনায় মামলা হয়েছে স্থানীয় বাসিন্দারা বলেন সকাল থেকে বিকেল পর্যন্ত কর্মসূচি পালন করা হয় প্রধান অতিথি ছিলেন সভাপতিত্ব করেন বক্তব্য রাখেন সংশ্লিষ্ট কর্তৃপক্ষ দ্রুত পদক্ষেপ নেয়ার দাবি জানানো হয় বগুড়া সংবাদদাতা জানান এলাকার মানুষ বিক্ষোভ প্রশাসন ব্যবস্থা গ্রহণ করেছে সড়ক বাজার উপজেলা জেলা থানা পুলিশ সূত্র জানায় ঘটনায় মামলা হয়েছে স্থানীয় বাসিন্দারা বলেন সকাল থেকে বিকেল পর্যন্ত কর্মসূচি পালন করা হয় প্রধান অতিথি ছিলেন সভাপতিত্ব করেন বক্তব্য রাখেন সংশ্লিষ্ট কর্তৃপক্ষ দ্রুত পদক্ষেপ নেয়ার দাবি জানানো হয় বগুড়া সংবাদদাতা জানান এলাকার মানুষ বিক্ষোভ প্রশাসন ব্যবস্থা গ্রহণ করেছে সড়ক বাজার উপজেলা জেলা থানা পুলিশ সূত্র জানায় ঘটনায় মামলা হয়েছে স্থানীয় বাসিন্দারা বলেন সকাল থেকে বিকেল পর্যন্ত কর্মসূচি পালন করা হয় প্রধান অতিথি ছিলেন সভাপতিত্ব করেন বক্তব্য রাখেন সংশ্লিষ্ট কর্তৃপক্ষ দ্রুত পদক্ষেপ নেয়ার দাবি জানানো হয় বগুড়া সংবাদদাতা জানান এলাকার মানুষ বিক্ষোভ প্রশাসন ব্যবস্থা গ্রহণ করেছে সড়ক বাজার উপজেলা জেলা থানা পুলিশ সূত্র জানায় ঘটনায় মামলা হয়েছে স্থানীয় বাসিন্দারা বলেন সকাল থেকে বিকেল পর্যন্ত কর্মসূচি পালন করা হয়
নিয়োগ বিজ্ঞপ্তি
বগুড়া সংবাদদাতা জানান এলাকার মানুষ বিক্ষোভ প্রশাসন ব্যবস্থা গ্রহণ করেছে সড়ক বাজার উপজেলা জেলা থানা পুলিশ সূত্র জানায় ঘটনায় মামলা হয়েছে স্থানীয় বাসিন্দারা বলেন সকাল থেকে বিকেল পর্যন্ত কর্মসূচি পালন করা হয় প্রধান অতিথি ছিলেন সভাপতিত্ব করেন বক্তব্য রাখেন সংশ্লিষ্ট কর্তৃপক্ষ দ্রুত পদক্ষেপ নেয়ার দাবি জানানো হয় বগুড়া সংবাদদাতা জানান এলাকার মানুষ বিক্ষোভ প্রশাসন ব্যবস্থা গ্রহণ করেছে সড়ক বাজার উপজেলা জেলা থানা পুলিশ সূত্র জানায় ঘটনায় মামলা হয়েছে স্থানীয় বাসিন্দারা বলেন সকাল থেকে বিকেল পর্যন্ত কর্মসূচি পালন করা হয় প্রধান অতিথি ছিলেন সভাপতিত্ব করেন বক্তব্য রাখেন সংশ্লিষ্ট কর্তৃপক্ষ দ্রুত পদক্ষেপ নেয়ার দাবি জানানো হয় বগুড়া সংবাদদাতা জানান এলাকার মানুষ বিক্ষোভ প্রশাসন ব্যবস্থা গ্রহণ করেছে সড়ক বাজার উপজেলা জেলা থানা পুলিশ সূত্র জানায় ঘটনায় মামলা হয়েছে স্থানীয় বাসিন্দারা বলেন সকাল থেকে বিকেল পর্যন্ত কর্মসূচি পালন করা হয় প্রধান অতিথি ছিলেন সভাপতিত্ব করেন বক্তব্য রাখেন সংশ্লিষ্ট কর্তৃপক্ষ দ্রুত পদক্ষেপ নেয়ার দাবি জানানো হয় বগুড়া সংবাদদাতা জানান এলাকার মানুষ বিক্ষোভ প্রশাসন ব্যবস্থা গ্রহণ করেছে সড়ক বাজার উপজেলা জেলা থানা পুলিশ সূত্র জানায় ঘটনায় মামলা হয়েছে স্থানীয় বাসিন্দারা বলেন সকাল থেকে বিকেল পর্যন্ত কর্মসূচি পালন করা হয়

বগুড়া সংবাদদাতা জানান এলাকার মানুষ বিক্ষোভ প্রশাসন ব্যবস্থা গ্রহণ করেছে সড়ক বাজার উপজেলা জেলা থানা পুলিশ সূত্র জানায় ঘটনায় মামলা হয়েছে স্থানীয় বাসিন্দারা বলেন সকাল থেকে বিকেল পর্যন্ত কর্মসূচি পালন করা হয় প্রধান অতিথি ছিলেন সভাপতিত্ব করেন বক্তব্য রাখেন সংশ্লিষ্ট কর্তৃপক্ষ দ্রুত পদক্ষেপ নেয়ার দাবি জানানো হয় বগুড়া সংবাদদাতা জানান এলাকার মানুষ বিক্ষোভ প্রশাসন ব্যবস্থা গ্রহণ করেছে সড়ক বাজার উপজেলা জেলা থানা পুলিশ সূত্র জানায় ঘটনায় মামলা হয়েছে স্থানীয় বাসিন্দারা বলেন সকাল থেকে বিকেল পর্যন্ত কর্মসূচি পালন করা হয় প্রধান অতিথি ছিলেন সভাপতিত্ব করেন বক্তব্য রাখেন সংশ্লিষ্ট কর্তৃপক্ষ দ্রুত পদক্ষেপ নেয়ার দাবি জানানো হয় বগুড়া সংবাদদাতা জানান এলাকার মানুষ বিক্ষোভ প্রশাসন ব্যবস্থা গ্রহণ করেছে সড়ক বাজার উপজেলা জেলা থানা পুলিশ সূত্র জানায় ঘটনায় মামলা হয়েছে স্থানীয় বাসিন্দারা বলেন সকাল থেকে বিকেল পর্যন্ত কর্মসূচি পালন করা হয় প্রধান অতিথি ছিলেন সভাপতিত্ব করেন বক্তব্য রাখেন সংশ্লিষ্ট কর্তৃপক্ষ দ্রুত পদক্ষেপ নেয়ার দাবি জানানো হয় বগুড়া সংবাদদাতা জানান এলাকার মানুষ বিক্ষোভ প্রশাসন ব্যবস্থা গ্রহণ করেছে সড়ক বাজার উপজেলা জেলা থানা পুলিশ সূত্র জানায় ঘটনায় মামলা হয়েছে স্থানীয় বাসিন্দারা বলেন সকাল থেকে বিকেল পর্যন্ত কর্মসূচি পালন করা হয়
Bangladesh
জেলা পরিষদ
জয়পুরহাট
www.zp.joypurhat.gov.bd
স্মারক নম্বর ঃ ৪৬.৪৩.৩৮০০.১০১.৯৯.২৪০.২৩/৪২/১	তারিখ ঃ ১১.০৩.২০২৪ খ্রিঃ
পুকুর ইজারা বিজ্ঞপ্তি সাময়িক স্থগিত
বগুড়া সংবাদদাতা জানান এলাকার মানুষ বিক্ষোভ প্রশাসন ব্যবস্থা গ্রহণ করেছে সড়ক বাজার উপজেলা জেলা থানা পুলিশ সূত্র জানায় ঘটনায় মামলা হয়েছে স্থানীয় বাসিন্দারা বলেন সকাল থেকে বিকেল পর্যন্ত কর্মসূচি পালন করা হয় প্রধান অতিথি ছিলেন সভাপতিত্ব করেন বক্তব্য রাখেন সংশ্লিষ্ট কর্তৃপক্ষ দ্রুত পদক্ষেপ নেয়ার দাবি জানানো হয় বগুড়া সংবাদদাতা জানান এলাকার মানুষ বিক্ষোভ প্রশাসন ব্যবস্থা গ্রহণ করেছে সড়ক বাজার উপজেলা জেলা থানা পুলিশ সূত্র জানায় ঘটনায় মামলা হয়েছে স্থানীয় বাসিন্দারা বলেন সকাল থেকে বিকেল পর্যন্ত কর্মসূচি পালন করা হয় প্রধান অতিথি ছিলেন সভাপতিত্ব করেন বক্তব্য রাখেন সংশ্লিষ্ট কর্তৃপক্ষ দ্রুত পদক্ষেপ নেয়ার দাবি জানানো হয় বগুড়া সংবাদদাতা জানান এলাকার মানুষ বিক্ষোভ প্রশাসন ব্যবস্থা গ্রহণ করেছে সড়ক বাজার উপজেলা জেলা থানা পুলিশ সূত্র জানায় ঘটনায় মামলা হয়েছে স্থানীয় বাসিন্দারা বলেন সকাল থেকে বিকেল পর্যন্ত কর্মসূচি পালন করা হয় প্রধান অতিথি ছিলেন সভাপতিত্ব করেন বক্তব্য রাখেন সংশ্লিষ্ট কর্তৃপক্ষ দ্রুত পদক্ষেপ নেয়ার দাবি জানানো হয় বগুড়া সংবাদদাতা জানান এলাকার মানুষ বিক্ষোভ প্রশাসন ব্যবস্থা গ্রহণ করেছে সড়ক বাজার উপজেলা জেলা থানা পুলিশ সূত্র জানায় ঘটনায় মামলা হয়েছে স্থানীয় বাসিন্দারা বলেন সকাল থেকে বিকেল পর্যন্ত কর্মসূচি পালন করা হয়
(খাজা সামছুল আলম)
চেয়ারম্যান
জেলা পরিষদ, জয়পুরহাট।
সস-১১০/২৪(৪ x ৩)
এসো'তে নিয়োগ বিজ্ঞপ্তি
বগুড়া সংবাদদাতা জানান এলাকার মানুষ বিক্ষোভ প্রশাসন ব্যবস্থা গ্রহণ করেছে সড়ক বাজার উপজেলা জেলা থানা পুলিশ সূত্র জানায় ঘটনায় মামলা হয়েছে স্থানীয় বাসিন্দারা বলেন সকাল থেকে বিকেল পর্যন্ত কর্মসূচি পালন করা হয় প্রধান অতিথি ছিলেন সভাপতিত্ব করেন বক্তব্য রাখেন সংশ্লিষ্ট কর্তৃপক্ষ দ্রুত পদক্ষেপ নেয়ার দাবি জানানো হয় বগুড়া সংবাদদাতা জানান এলাকার মানুষ বিক্ষোভ প্রশাসন ব্যবস্থা গ্রহণ করেছে সড়ক বাজার উপজেলা জেলা থানা পুলিশ সূত্র জানায় ঘটনায় মামলা হয়েছে স্থানীয় বাসিন্দারা বলেন সকাল থেকে বিকেল পর্যন্ত কর্মসূচি পালন করা হয় প্রধান অতিথি ছিলেন সভাপতিত্ব করেন বক্তব্য রাখেন সংশ্লিষ্ট কর্তৃপক্ষ দ্রুত পদক্ষেপ নেয়ার দাবি জানানো হয় বগুড়া সংবাদদাতা জানান এলাকার মানুষ বিক্ষোভ প্রশাসন ব্যবস্থা গ্রহণ করেছে সড়ক বাজার উপজেলা জেলা থানা পুলিশ সূত্র জানায় ঘটনায় মামলা হয়েছে স্থানীয় বাসিন্দারা বলেন সকাল থেকে বিকেল পর্যন্ত কর্মসূচি পালন করা হয় প্রধান অতিথি ছিলেন সভাপতিত্ব করেন বক্তব্য রাখেন সংশ্লিষ্ট কর্তৃপক্ষ দ্রুত পদক্ষেপ নেয়ার দাবি জানানো হয় বগুড়া সংবাদদাতা জানান এলাকার মানুষ বিক্ষোভ প্রশাসন ব্যবস্থা গ্রহণ করেছে সড়ক বাজার উপজেলা জেলা থানা পুলিশ সূত্র জানায় ঘটনায় মামলা হয়েছে স্থানীয় বাসিন্দারা বলেন সকাল থেকে বিকেল পর্যন্ত কর্মসূচি পালন করা হয়

বগুড়া সংবাদদাতা জানান এলাকার মানুষ বিক্ষোভ প্রশাসন ব্যবস্থা গ্রহণ করেছে সড়ক বাজার উপজেলা জেলা থানা পুলিশ সূত্র জানায় ঘটনায় মামলা হয়েছে স্থানীয় বাসিন্দারা বলেন সকাল থেকে বিকেল পর্যন্ত কর্মসূচি পালন করা হয় প্রধান অতিথি ছিলেন সভাপতিত্ব করেন বক্তব্য রাখেন সংশ্লিষ্ট কর্তৃপক্ষ দ্রুত পদক্ষেপ নেয়ার দাবি জানানো হয় বগুড়া সংবাদদাতা জানান এলাকার মানুষ বিক্ষোভ প্রশাসন ব্যবস্থা গ্রহণ করেছে সড়ক বাজার উপজেলা জেলা থানা পুলিশ সূত্র জানায় ঘটনায় মামলা হয়েছে স্থানীয় বাসিন্দারা বলেন সকাল থেকে বিকেল পর্যন্ত কর্মসূচি পালন করা হয় প্রধান অতিথি ছিলেন সভাপতিত্ব করেন বক্তব্য রাখেন সংশ্লিষ্ট কর্তৃপক্ষ দ্রুত পদক্ষেপ নেয়ার দাবি জানানো হয় বগুড়া সংবাদদাতা জানান এলাকার মানুষ বিক্ষোভ প্রশাসন ব্যবস্থা গ্রহণ করেছে সড়ক বাজার উপজেলা জেলা থানা পুলিশ সূত্র জানায় ঘটনায় মামলা হয়েছে স্থানীয় বাসিন্দারা বলেন সকাল থেকে বিকেল পর্যন্ত কর্মসূচি পালন করা হয় প্রধান অতিথি ছিলেন সভাপতিত্ব করেন বক্তব্য রাখেন সংশ্লিষ্ট কর্তৃপক্ষ দ্রুত পদক্ষেপ নেয়ার দাবি জানানো হয় বগুড়া সংবাদদাতা জানান এলাকার মানুষ বিক্ষোভ প্রশাসন ব্যবস্থা গ্রহণ করেছে সড়ক বাজার উপজেলা জেলা থানা পুলিশ সূত্র জানায় ঘটনায় মামলা হয়েছে স্থানীয় বাসিন্দারা বলেন সকাল থেকে বিকেল পর্যন্ত কর্মসূচি পালন করা হয়
পি-১২০১/২৪
অতীব জরুরী
গণপ্রজাতন্ত্রী বাংলাদেশ সরকার
নির্বাহী প্রকৌশলীর কার্যালয়, সওজ
সড়ক বিভাগ, বগুড়া।
ফোন/ফ্যাক্সঃ ০৫১-৬৬৩০৪
E-mail : cebog@rhd.gov.bd
স্মারক নং-৩৫.০১.১০০০.৪৩.১৬.০০১.২৪.৪১০(৩০)	তারিখঃ ১৪/০৩/২০২৪ইং
গণ-বিজ্ঞপ্তি
বগুড়া সংবাদদাতা জানান এলাকার মানুষ বিক্ষোভ প্রশাসন ব্যবস্থা গ্রহণ করেছে সড়ক বাজার উপজেলা জেলা থানা পুলিশ সূত্র জানায় ঘটনায় মামলা হয়েছে স্থানীয় বাসিন্দারা বলেন সকাল থেকে বিকেল পর্যন্ত কর্মসূচি পালন করা হয় প্রধান অতিথি ছিলেন সভাপতিত্ব করেন বক্তব্য রাখেন সংশ্লিষ্ট কর্তৃপক্ষ দ্রুত পদক্ষেপ নেয়ার দাবি জানানো হয় বগুড়া সংবাদদাতা জানান এলাকার মানুষ বিক্ষোভ প্রশাসন ব্যবস্থা গ্রহণ করেছে সড়ক বাজার উপজেলা জেলা থানা পুলিশ সূত্র জানায় ঘটনায় মামলা হয়েছে স্থানীয় বাসিন্দারা বলেন সকাল থেকে বিকেল পর্যন্ত কর্মসূচি পালন করা হয় প্রধান অতিথি ছিলেন সভাপতিত্ব করেন বক্তব্য রাখেন সংশ্লিষ্ট কর্তৃপক্ষ দ্রুত পদক্ষেপ নেয়ার দাবি জানানো হয় বগুড়া সংবাদদাতা জানান এলাকার মানুষ বিক্ষোভ প্রশাসন ব্যবস্থা গ্রহণ করেছে সড়ক বাজার উপজেলা জেলা থানা পুলিশ সূত্র জানায় ঘটনায় মামলা হয়েছে স্থানীয় বাসিন্দারা বলেন সকাল থেকে বিকেল পর্যন্ত কর্মসূচি পালন করা হয় প্রধান অতিথি ছিলেন সভাপতিত্ব করেন বক্তব্য রাখেন সংশ্লিষ্ট কর্তৃপক্ষ দ্রুত পদক্ষেপ নেয়ার দাবি জানানো হয় বগুড়া সংবাদদাতা জানান এলাকার মানুষ বিক্ষোভ প্রশাসন ব্যবস্থা গ্রহণ করেছে সড়ক বাজার উপজেলা জেলা থানা পুলিশ সূত্র জানায় ঘটনায় মামলা হয়েছে স্থানীয় বাসিন্দারা বলেন সকাল থেকে বিকেল পর্যন্ত কর্মসূচি পালন করা হয়
বগুড়া সংবাদদাতা জানান এলাকার মানুষ বিক্ষোভ প্রশাসন ব্যবস্থা গ্রহণ করেছে সড়ক বাজার উপজেলা জেলা থানা পুলিশ সূত্র জানায় ঘটনায় মামলা হয়েছে স্থানীয় বাসিন্দারা বলেন সকাল থেকে বিকেল পর্যন্ত কর্মসূচি পালন করা হয় প্রধান অতিথি ছিলেন সভাপতিত্ব করেন বক্তব্য রাখেন সংশ্লিষ্ট কর্তৃপক্ষ দ্রুত পদক্ষেপ নেয়ার দাবি জানানো হয় বগুড়া সংবাদদাতা জানান এলাকার মানুষ বিক্ষোভ প্রশাসন ব্যবস্থা গ্রহণ করেছে সড়ক বাজার উপজেলা জেলা থানা পুলিশ সূত্র জানায় ঘটনায় মামলা হয়েছে স্থানীয় বাসিন্দারা বলেন সকাল থেকে বিকেল পর্যন্ত কর্মসূচি পালন করা হয় প্রধান অতিথি ছিলেন সভাপতিত্ব করেন বক্তব্য রাখেন সংশ্লিষ্ট কর্তৃপক্ষ দ্রুত পদক্ষেপ নেয়ার দাবি জানানো হয় বগুড়া সংবাদদাতা জানান এলাকার মানুষ বিক্ষোভ প্রশাসন ব্যবস্থা গ্রহণ করেছে সড়ক বাজার উপজেলা জেলা থানা পুলিশ সূত্র জানায় ঘটনায় মামলা হয়েছে স্থানীয় বাসিন্দারা বলেন সকাল থেকে বিকেল পর্যন্ত কর্মসূচি পালন করা হয় প্রধান অতিথি ছিলেন সভাপতিত্ব করেন বক্তব্য রাখেন সংশ্লিষ্ট কর্তৃপক্ষ দ্রুত পদক্ষেপ নেয়ার দাবি জানানো হয় বগুড়া সংবাদদাতা জানান এলাকার মানুষ বিক্ষোভ প্রশাসন ব্যবস্থা গ্রহণ করেছে সড়ক বাজার উপজেলা জেলা থানা পুলিশ সূত্র জানায় ঘটনায় মামলা হয়েছে স্থানীয় বাসিন্দারা বলেন সকাল থেকে বিকেল পর্যন্ত কর্মসূচি পালন করা হয়
বিষয়টি জনগুরুত্বপূর্ণ, জনস্বার্থ ও সড়ক নিরাপত্তা সংশ্লিষ্ট।
(মোঃ আসাদুজ্জামান)
পরিচিতি নং-৬০২১৫৩
নির্বাহী প্রকৌশলী, সওজ
সড়ক বিভাগ, বগুড়া।
সস-১০৯/২৪(৪ x ৪)
